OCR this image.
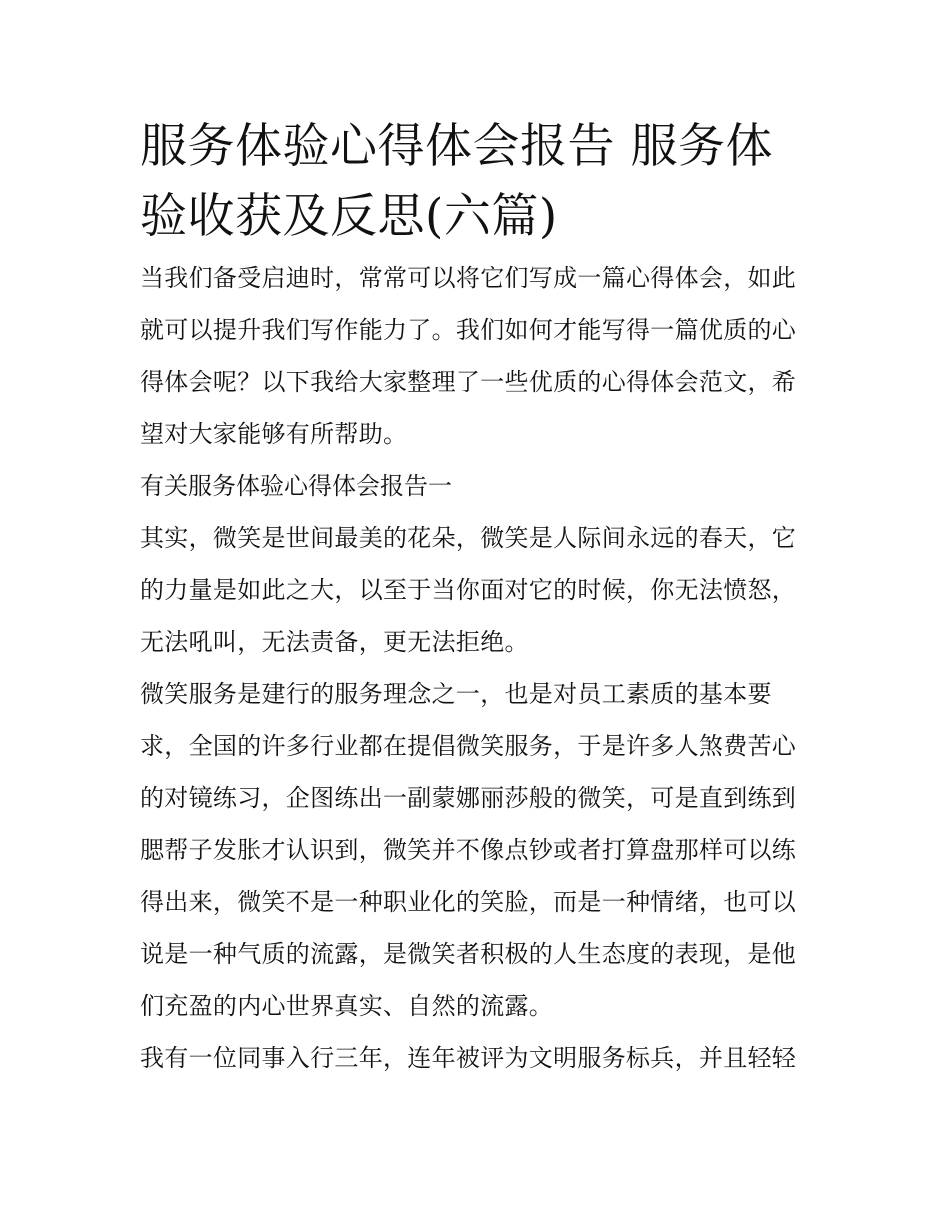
服务体验心得体会报告 服务体验收获及反思(六篇)

当我们备受启迪时，常常可以将它们写成一篇心得体会，如此就可以提升我们写作能力了。我们如何才能写得一篇优质的心得体会呢？以下我给大家整理了一些优质的心得体会范文，希望对大家能够有所帮助。

有关服务体验心得体会报告一

其实，微笑是世间最美的花朵，微笑是人际间永远的春天，它的力量是如此之大，以至于当你面对它的时候，你无法愤怒，无法吼叫，无法责备，更无法拒绝。

微笑服务是建行的服务理念之一，也是对员工素质的基本要求，全国的许多行业都在提倡微笑服务，于是许多人煞费苦心的对镜练习，企图练出一副蒙娜丽莎般的微笑，可是直到练到腮帮子发胀才认识到，微笑并不像点钞或者打算盘那样可以练得出来，微笑不是一种职业化的笑脸，而是一种情绪，也可以说是一种气质的流露，是微笑者积极的人生态度的表现，是他们充盈的内心世界真实、自然的流露。

我有一位同事入行三年，连年被评为文明服务标兵，并且轻轻
